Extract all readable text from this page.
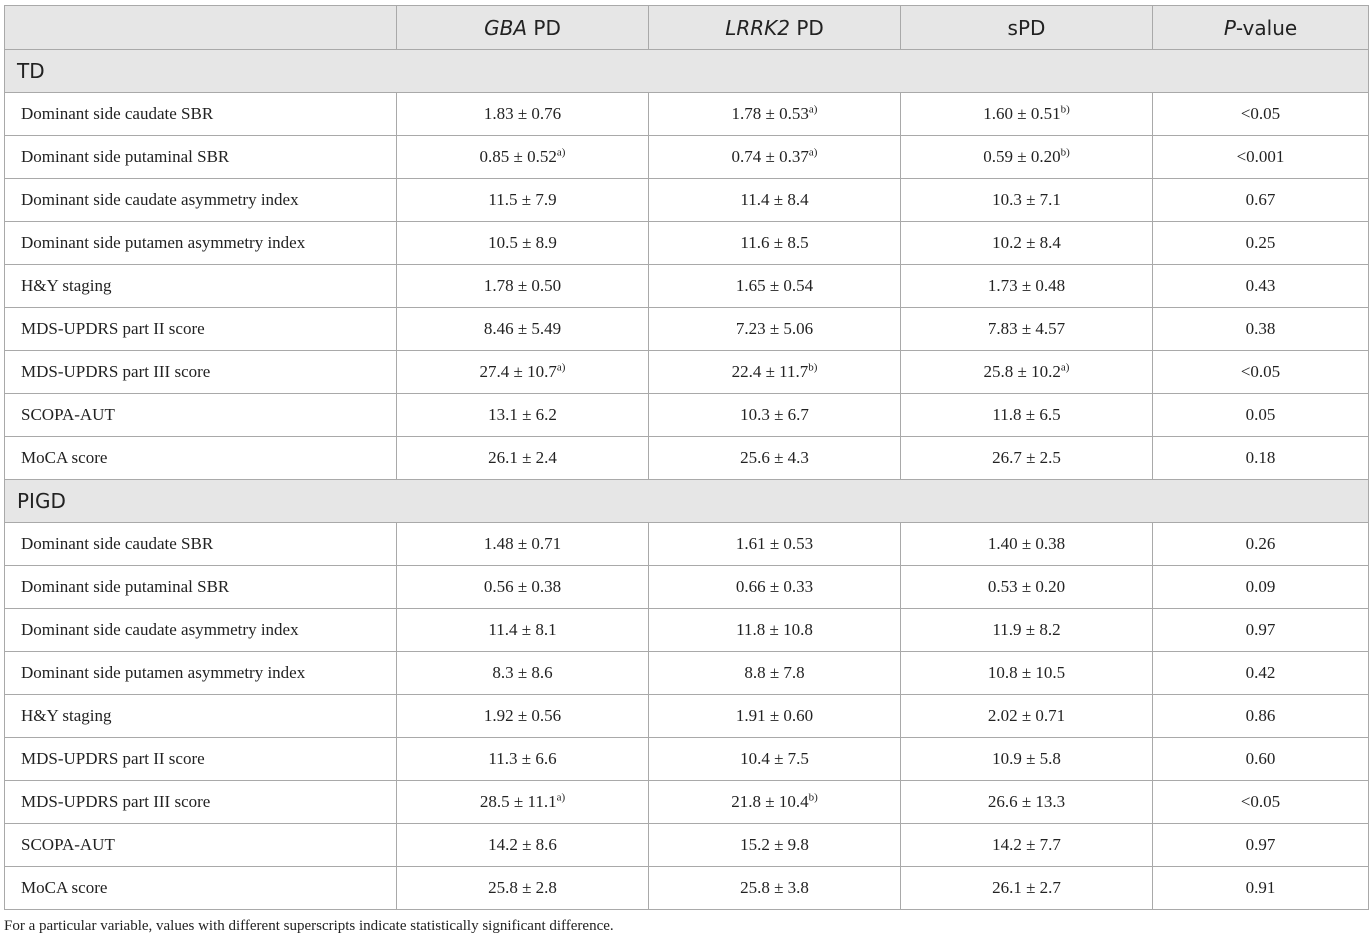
	GBA PD	LRRK2 PD	sPD	P-value
TD				
Dominant side caudate SBR	1.83 ± 0.76	$1.78 \pm 0.53^{a)}$	$1.60 \pm 0.51^{b)}$	<0.05
Dominant side putaminal SBR	$0.85 \pm 0.52^{a)}$	$0.74 \pm 0.37^{a)}$	$0.59 \pm 0.20^{b)}$	<0.001
Dominant side caudate asymmetry index	11.5 ± 7.9	11.4 ± 8.4	10.3 ± 7.1	0.67
Dominant side putamen asymmetry index	10.5 ± 8.9	11.6 ± 8.5	10.2 ± 8.4	0.25
H&Y staging	1.78 ± 0.50	1.65 ± 0.54	1.73 ± 0.48	0.43
MDS-UPDRS part II score	8.46 ± 5.49	7.23 ± 5.06	7.83 ± 4.57	0.38
MDS-UPDRS part III score	$27.4 \pm 10.7^{a)}$	$22.4 \pm 11.7^{b)}$	$25.8 \pm 10.2^{a)}$	<0.05
SCOPA-AUT	13.1 ± 6.2	10.3 ± 6.7	11.8 ± 6.5	0.05
MoCA score	26.1 ± 2.4	25.6 ± 4.3	26.7 ± 2.5	0.18
PIGD				
Dominant side caudate SBR	1.48 ± 0.71	1.61 ± 0.53	1.40 ± 0.38	0.26
Dominant side putaminal SBR	0.56 ± 0.38	0.66 ± 0.33	0.53 ± 0.20	0.09
Dominant side caudate asymmetry index	11.4 ± 8.1	11.8 ± 10.8	11.9 ± 8.2	0.97
Dominant side putamen asymmetry index	8.3 ± 8.6	8.8 ± 7.8	10.8 ± 10.5	0.42
H&Y staging	1.92 ± 0.56	1.91 ± 0.60	2.02 ± 0.71	0.86
MDS-UPDRS part II score	11.3 ± 6.6	10.4 ± 7.5	10.9 ± 5.8	0.60
MDS-UPDRS part III score	$28.5 \pm 11.1^{a)}$	$21.8 \pm 10.4^{b)}$	26.6 ± 13.3	<0.05
SCOPA-AUT	14.2 ± 8.6	15.2 ± 9.8	14.2 ± 7.7	0.97
MoCA score	25.8 ± 2.8	25.8 ± 3.8	26.1 ± 2.7	0.91
For a particular variable, values with different superscripts indicate statistically significant difference.
